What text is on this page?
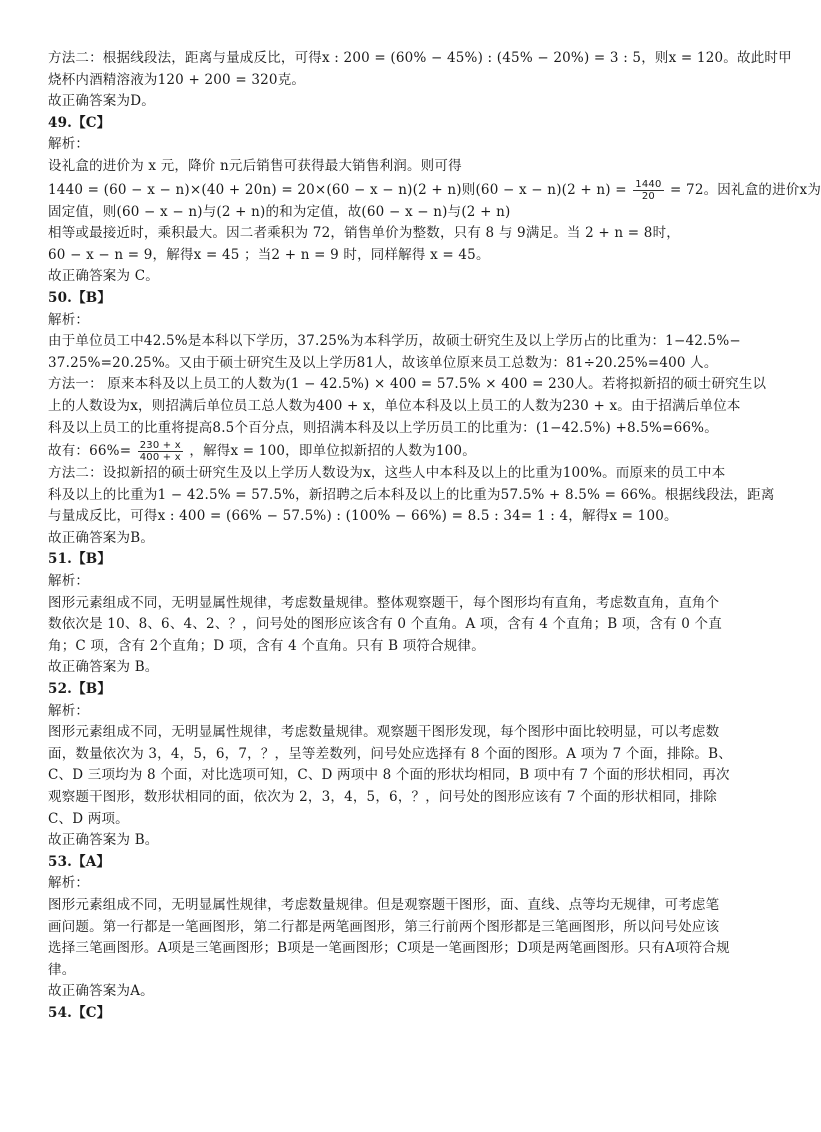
方法二：根据线段法，距离与量成反比，可得x : 200 = (60% − 45%) : (45% − 20%) = 3 : 5，则x = 120。故此时甲
烧杯内酒精溶液为120 + 200 = 320克。
故正确答案为D。
49.【C】
解析：
设礼盒的进价为 x 元，降价 n元后销售可获得最大销售利润。则可得
1440 = (60 − x − n)×(40 + 20n) = 20×(60 − x − n)(2 + n)则$(60 - x - n)(2 + n) = \frac{1440}{20} = 72$。因礼盒的进价x为
固定值，则(60 − x − n)与(2 + n)的和为定值，故(60 − x − n)与(2 + n)
相等或最接近时，乘积最大。因二者乘积为 72，销售单价为整数，只有 8 与 9满足。当 2 + n = 8时，
60 − x − n = 9，解得x = 45 ；当2 + n = 9 时，同样解得 x = 45。
故正确答案为 C。
50.【B】
解析：
由于单位员工中42.5%是本科以下学历，37.25%为本科学历，故硕士研究生及以上学历占的比重为：1−42.5%−
37.25%=20.25%。又由于硕士研究生及以上学历81人，故该单位原来员工总数为：81÷20.25%=400 人。
方法一： 原来本科及以上员工的人数为(1 − 42.5%) × 400 = 57.5% × 400 = 230人。若将拟新招的硕士研究生以
上的人数设为x，则招满后单位员工总人数为400 + x，单位本科及以上员工的人数为230 + x。由于招满后单位本
科及以上员工的比重将提高8.5个百分点，则招满本科及以上学历员工的比重为：(1−42.5%) +8.5%=66%。
故有：$66\%= \frac{230 + x}{400 + x}$ ，解得x = 100，即单位拟新招的人数为100。
方法二：设拟新招的硕士研究生及以上学历人数设为x，这些人中本科及以上的比重为100%。而原来的员工中本
科及以上的比重为1 − 42.5% = 57.5%，新招聘之后本科及以上的比重为57.5% + 8.5% = 66%。根据线段法，距离
与量成反比，可得x : 400 = (66% − 57.5%) : (100% − 66%) = 8.5 : 34= 1 : 4，解得x = 100。
故正确答案为B。
51.【B】
解析：
图形元素组成不同，无明显属性规律，考虑数量规律。整体观察题干，每个图形均有直角，考虑数直角，直角个
数依次是 10、8、6、4、2、？，问号处的图形应该含有 0 个直角。A 项，含有 4 个直角；B 项，含有 0 个直
角；C 项，含有 2个直角；D 项，含有 4 个直角。只有 B 项符合规律。
故正确答案为 B。
52.【B】
解析：
图形元素组成不同，无明显属性规律，考虑数量规律。观察题干图形发现，每个图形中面比较明显，可以考虑数
面，数量依次为 3，4，5，6，7，？，呈等差数列，问号处应选择有 8 个面的图形。A 项为 7 个面，排除。B、
C、D 三项均为 8 个面，对比选项可知，C、D 两项中 8 个面的形状均相同，B 项中有 7 个面的形状相同，再次
观察题干图形，数形状相同的面，依次为 2，3，4，5，6，？，问号处的图形应该有 7 个面的形状相同，排除
C、D 两项。
故正确答案为 B。
53.【A】
解析：
图形元素组成不同，无明显属性规律，考虑数量规律。但是观察题干图形，面、直线、点等均无规律，可考虑笔
画问题。第一行都是一笔画图形，第二行都是两笔画图形，第三行前两个图形都是三笔画图形，所以问号处应该
选择三笔画图形。A项是三笔画图形；B项是一笔画图形；C项是一笔画图形；D项是两笔画图形。只有A项符合规
律。
故正确答案为A。
54.【C】
